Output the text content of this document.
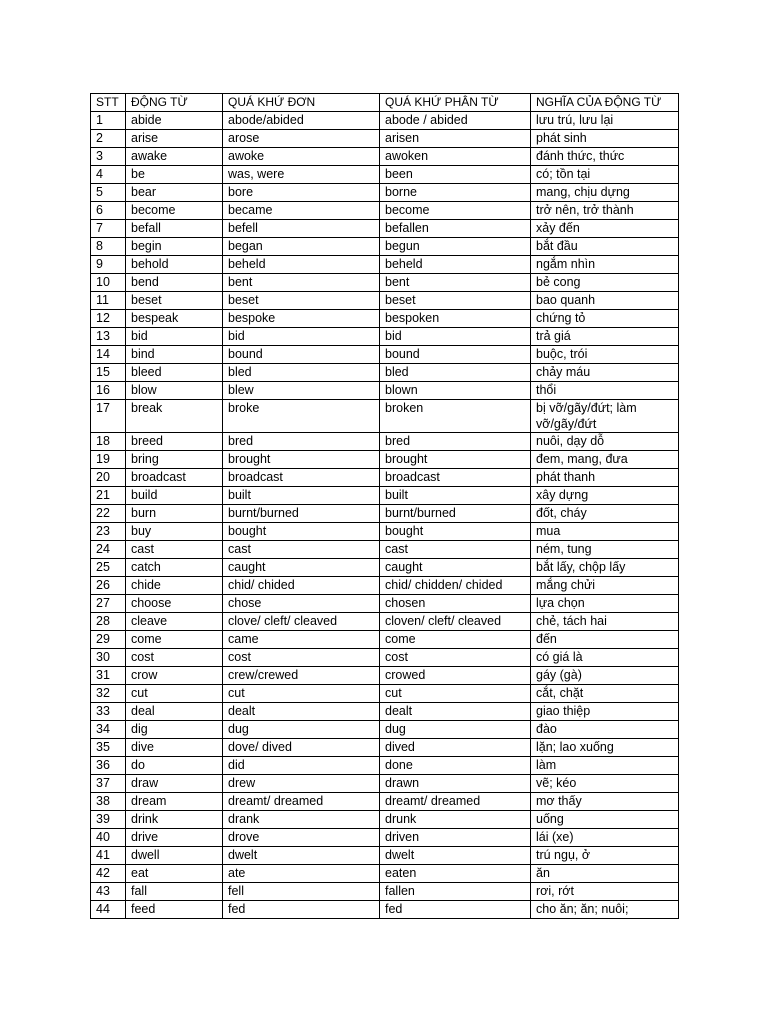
STT	ĐỘNG TỪ	QUÁ KHỨ ĐƠN	QUÁ KHỨ PHÂN TỪ	NGHĨA CỦA ĐỘNG TỪ
1	abide	abode/abided	abode / abided	lưu trú, lưu lại
2	arise	arose	arisen	phát sinh
3	awake	awoke	awoken	đánh thức, thức
4	be	was, were	been	có; tồn tại
5	bear	bore	borne	mang, chịu dựng
6	become	became	become	trở nên, trở thành
7	befall	befell	befallen	xảy đến
8	begin	began	begun	bắt đầu
9	behold	beheld	beheld	ngắm nhìn
10	bend	bent	bent	bẻ cong
11	beset	beset	beset	bao quanh
12	bespeak	bespoke	bespoken	chứng tỏ
13	bid	bid	bid	trả giá
14	bind	bound	bound	buộc, trói
15	bleed	bled	bled	chảy máu
16	blow	blew	blown	thổi
17	break	broke	broken	bị vỡ/gãy/đứt; làm vỡ/gãy/đứt
18	breed	bred	bred	nuôi, dạy dỗ
19	bring	brought	brought	đem, mang, đưa
20	broadcast	broadcast	broadcast	phát thanh
21	build	built	built	xây dựng
22	burn	burnt/burned	burnt/burned	đốt, cháy
23	buy	bought	bought	mua
24	cast	cast	cast	ném, tung
25	catch	caught	caught	bắt lấy, chộp lấy
26	chide	chid/ chided	chid/ chidden/ chided	mắng chửi
27	choose	chose	chosen	lựa chọn
28	cleave	clove/ cleft/ cleaved	cloven/ cleft/ cleaved	chẻ, tách hai
29	come	came	come	đến
30	cost	cost	cost	có giá là
31	crow	crew/crewed	crowed	gáy (gà)
32	cut	cut	cut	cắt, chặt
33	deal	dealt	dealt	giao thiệp
34	dig	dug	dug	đào
35	dive	dove/ dived	dived	lặn; lao xuống
36	do	did	done	làm
37	draw	drew	drawn	vẽ; kéo
38	dream	dreamt/ dreamed	dreamt/ dreamed	mơ thấy
39	drink	drank	drunk	uống
40	drive	drove	driven	lái (xe)
41	dwell	dwelt	dwelt	trú ngụ, ở
42	eat	ate	eaten	ăn
43	fall	fell	fallen	rơi, rớt
44	feed	fed	fed	cho ăn; ăn; nuôi;
